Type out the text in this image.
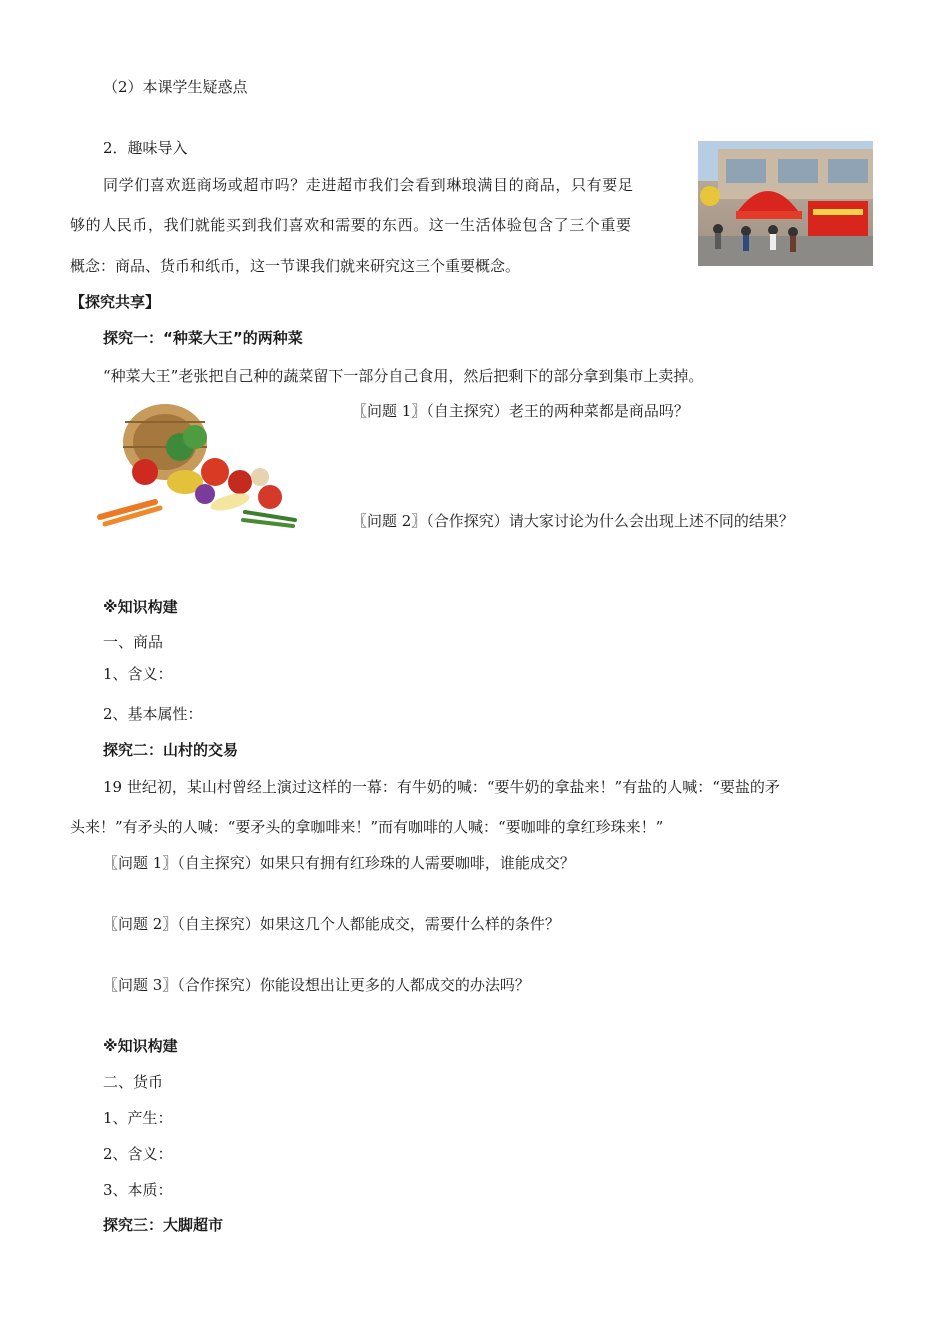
（2）本课学生疑惑点
2．趣味导入
同学们喜欢逛商场或超市吗？走进超市我们会看到琳琅满目的商品，只有要足
够的人民币，我们就能买到我们喜欢和需要的东西。这一生活体验包含了三个重要
概念：商品、货币和纸币，这一节课我们就来研究这三个重要概念。
【探究共享】
探究一：“种菜大王”的两种菜
“种菜大王”老张把自己种的蔬菜留下一部分自己食用，然后把剩下的部分拿到集市上卖掉。
〖问题 1〗（自主探究）老王的两种菜都是商品吗？
〖问题 2〗（合作探究）请大家讨论为什么会出现上述不同的结果？
※知识构建
一、商品
1、含义：
2、基本属性：
探究二：山村的交易
19 世纪初，某山村曾经上演过这样的一幕：有牛奶的喊：“要牛奶的拿盐来！”有盐的人喊：“要盐的矛
头来！”有矛头的人喊：“要矛头的拿咖啡来！”而有咖啡的人喊：“要咖啡的拿红珍珠来！”
〖问题 1〗（自主探究）如果只有拥有红珍珠的人需要咖啡，谁能成交？
〖问题 2〗（自主探究）如果这几个人都能成交，需要什么样的条件？
〖问题 3〗（合作探究）你能设想出让更多的人都成交的办法吗？
※知识构建
二、货币
1、产生：
2、含义：
3、本质：
探究三：大脚超市
